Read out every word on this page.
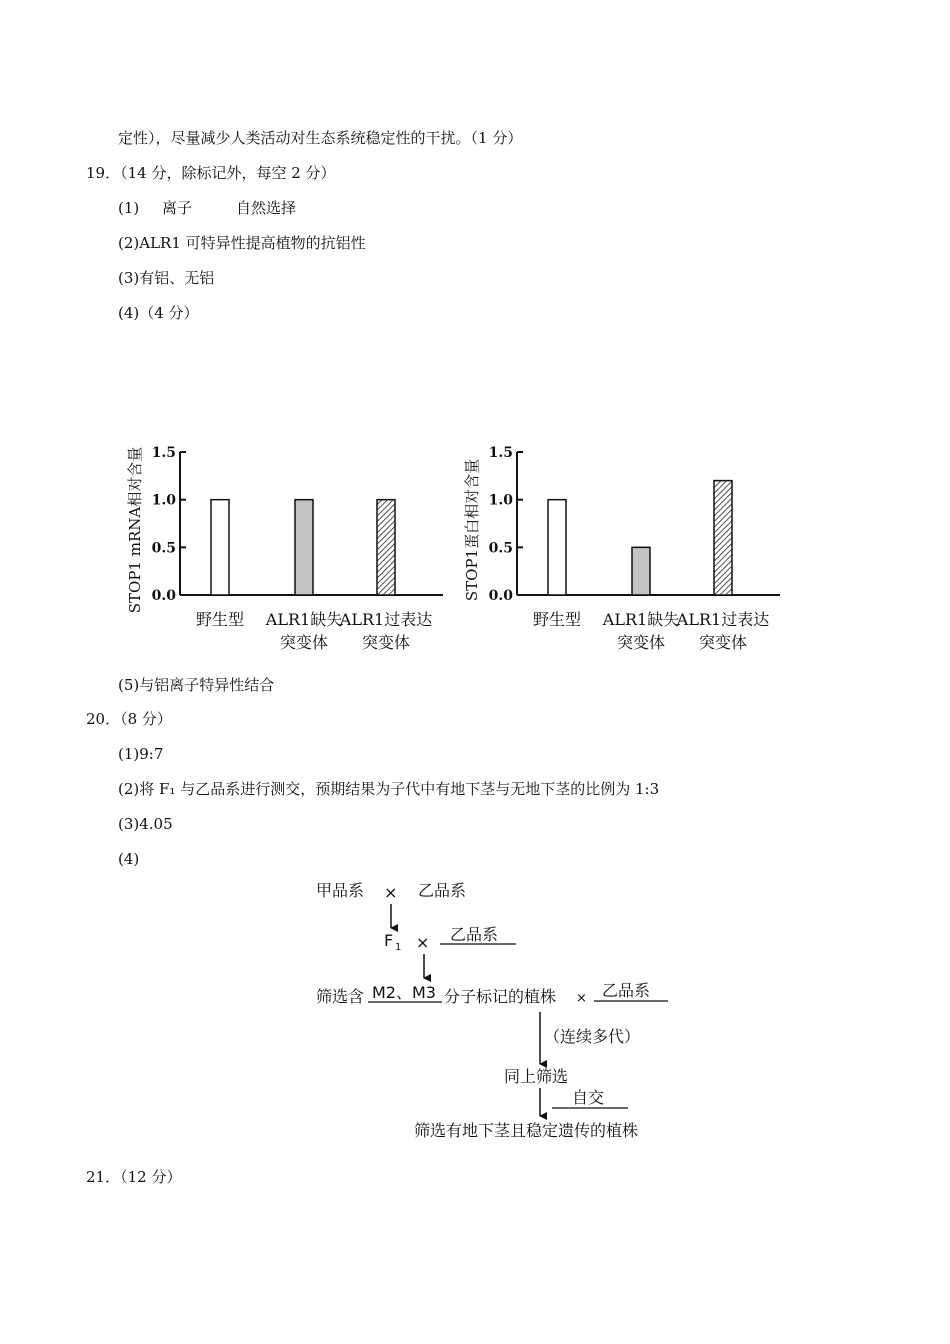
定性），尽量减少人类活动对生态系统稳定性的干扰。（1 分）
19．（14 分，除标记外，每空 2 分）
(1) 离子	自然选择
(2)ALR1 可特异性提高植物的抗铝性
(3)有铝、无铝
(4)（4 分）
STOP1 mRNA相对含量 0.0
0.5
1.0
1.5
野生型 ALR1缺失
突变体
ALR1过表达
突变体
STOP1蛋白相对含量 0.0
0.5
1.0
1.5
野生型 ALR1缺失
突变体
ALR1过表达
突变体
(5)与铝离子特异性结合
20．（8 分）
(1)9:7
(2)将 F₁ 与乙品系进行测交，预期结果为子代中有地下茎与无地下茎的比例为 1:3
(3)4.05
(4)
甲品系 × 乙品系
F 1 × 乙品系
筛选含 M2、M3 分子标记的植株 × 乙品系
（连续多代）
同上筛选
自交
筛选有地下茎且稳定遗传的植株
21．（12 分）
